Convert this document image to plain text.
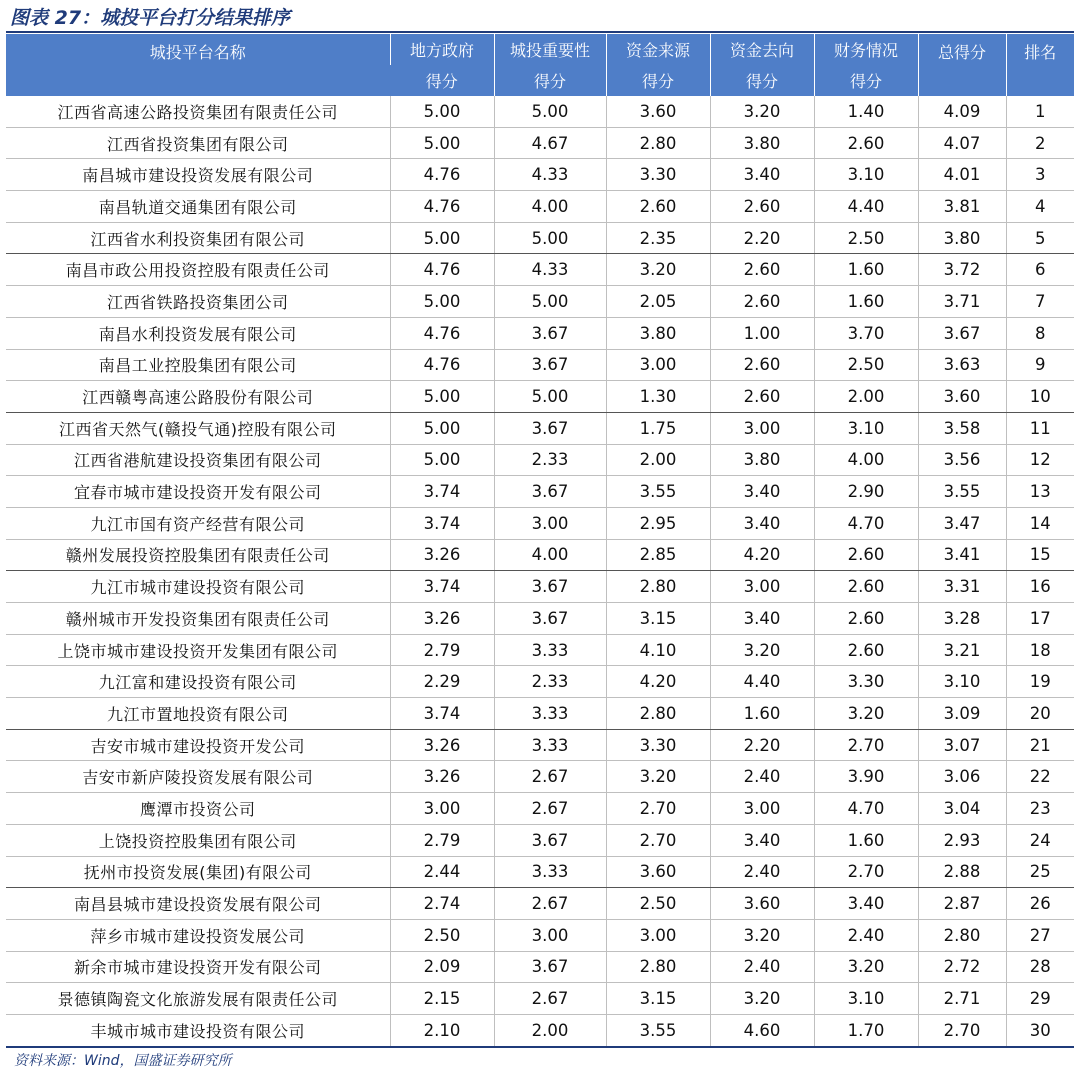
图表 27：城投平台打分结果排序
城投平台名称	地方政府	城投重要性	资金来源	资金去向	财务情况	总得分	排名
	得分	得分	得分	得分	得分		
江西省高速公路投资集团有限责任公司	5.00	5.00	3.60	3.20	1.40	4.09	1
江西省投资集团有限公司	5.00	4.67	2.80	3.80	2.60	4.07	2
南昌城市建设投资发展有限公司	4.76	4.33	3.30	3.40	3.10	4.01	3
南昌轨道交通集团有限公司	4.76	4.00	2.60	2.60	4.40	3.81	4
江西省水利投资集团有限公司	5.00	5.00	2.35	2.20	2.50	3.80	5
南昌市政公用投资控股有限责任公司	4.76	4.33	3.20	2.60	1.60	3.72	6
江西省铁路投资集团公司	5.00	5.00	2.05	2.60	1.60	3.71	7
南昌水利投资发展有限公司	4.76	3.67	3.80	1.00	3.70	3.67	8
南昌工业控股集团有限公司	4.76	3.67	3.00	2.60	2.50	3.63	9
江西赣粤高速公路股份有限公司	5.00	5.00	1.30	2.60	2.00	3.60	10
江西省天然气(赣投气通)控股有限公司	5.00	3.67	1.75	3.00	3.10	3.58	11
江西省港航建设投资集团有限公司	5.00	2.33	2.00	3.80	4.00	3.56	12
宜春市城市建设投资开发有限公司	3.74	3.67	3.55	3.40	2.90	3.55	13
九江市国有资产经营有限公司	3.74	3.00	2.95	3.40	4.70	3.47	14
赣州发展投资控股集团有限责任公司	3.26	4.00	2.85	4.20	2.60	3.41	15
九江市城市建设投资有限公司	3.74	3.67	2.80	3.00	2.60	3.31	16
赣州城市开发投资集团有限责任公司	3.26	3.67	3.15	3.40	2.60	3.28	17
上饶市城市建设投资开发集团有限公司	2.79	3.33	4.10	3.20	2.60	3.21	18
九江富和建设投资有限公司	2.29	2.33	4.20	4.40	3.30	3.10	19
九江市置地投资有限公司	3.74	3.33	2.80	1.60	3.20	3.09	20
吉安市城市建设投资开发公司	3.26	3.33	3.30	2.20	2.70	3.07	21
吉安市新庐陵投资发展有限公司	3.26	2.67	3.20	2.40	3.90	3.06	22
鹰潭市投资公司	3.00	2.67	2.70	3.00	4.70	3.04	23
上饶投资控股集团有限公司	2.79	3.67	2.70	3.40	1.60	2.93	24
抚州市投资发展(集团)有限公司	2.44	3.33	3.60	2.40	2.70	2.88	25
南昌县城市建设投资发展有限公司	2.74	2.67	2.50	3.60	3.40	2.87	26
萍乡市城市建设投资发展公司	2.50	3.00	3.00	3.20	2.40	2.80	27
新余市城市建设投资开发有限公司	2.09	3.67	2.80	2.40	3.20	2.72	28
景德镇陶瓷文化旅游发展有限责任公司	2.15	2.67	3.15	3.20	3.10	2.71	29
丰城市城市建设投资有限公司	2.10	2.00	3.55	4.60	1.70	2.70	30
资料来源：Wind，国盛证券研究所
